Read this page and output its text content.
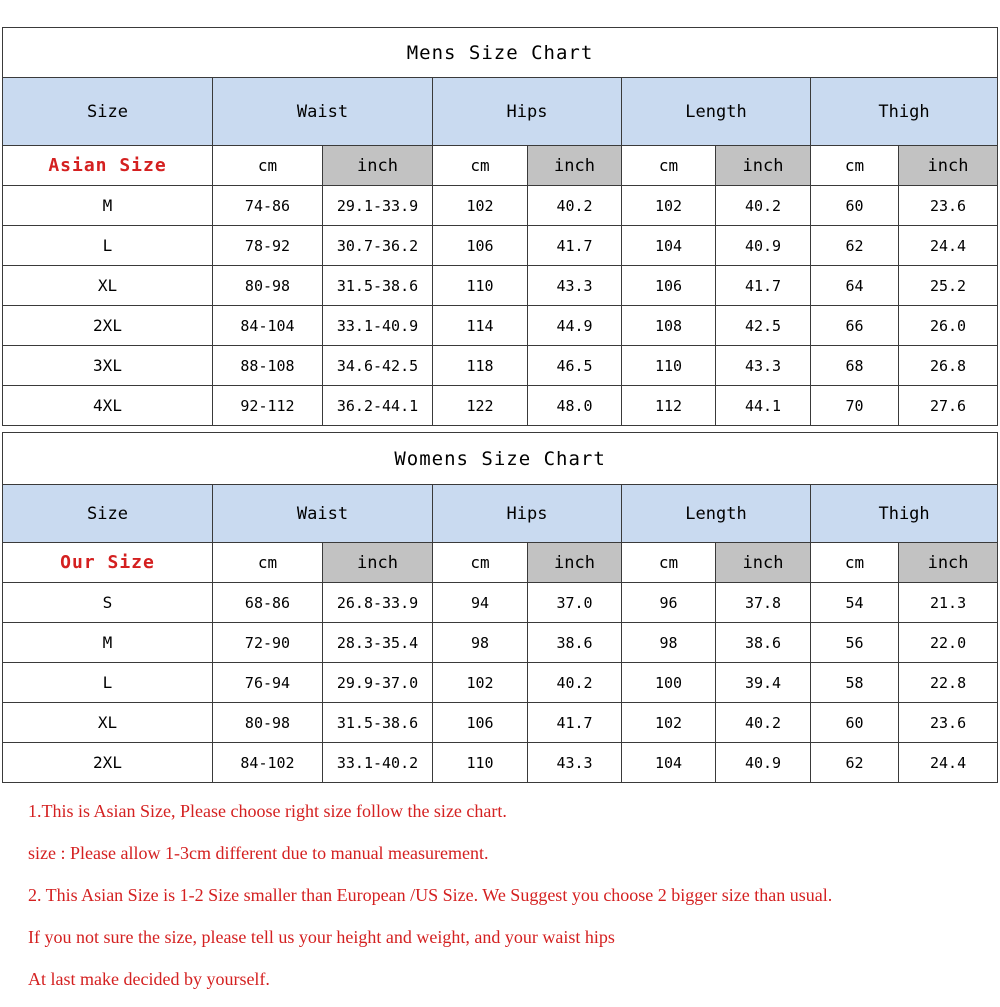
Mens Size Chart								
Size	Waist		Hips		Length		Thigh	
Asian Size	cm	inch	cm	inch	cm	inch	cm	inch
M	74-86	29.1-33.9	102	40.2	102	40.2	60	23.6
L	78-92	30.7-36.2	106	41.7	104	40.9	62	24.4
XL	80-98	31.5-38.6	110	43.3	106	41.7	64	25.2
2XL	84-104	33.1-40.9	114	44.9	108	42.5	66	26.0
3XL	88-108	34.6-42.5	118	46.5	110	43.3	68	26.8
4XL	92-112	36.2-44.1	122	48.0	112	44.1	70	27.6
Womens Size Chart								
Size	Waist		Hips		Length		Thigh	
Our Size	cm	inch	cm	inch	cm	inch	cm	inch
S	68-86	26.8-33.9	94	37.0	96	37.8	54	21.3
M	72-90	28.3-35.4	98	38.6	98	38.6	56	22.0
L	76-94	29.9-37.0	102	40.2	100	39.4	58	22.8
XL	80-98	31.5-38.6	106	41.7	102	40.2	60	23.6
2XL	84-102	33.1-40.2	110	43.3	104	40.9	62	24.4

1.This is Asian Size, Please choose right size follow the size chart.

size : Please allow 1-3cm different due to manual measurement.

2. This Asian Size is 1-2 Size smaller than European /US Size. We Suggest you choose 2 bigger size than usual.

If you not sure the size, please tell us your height and weight, and your waist hips

At last make decided by yourself.
